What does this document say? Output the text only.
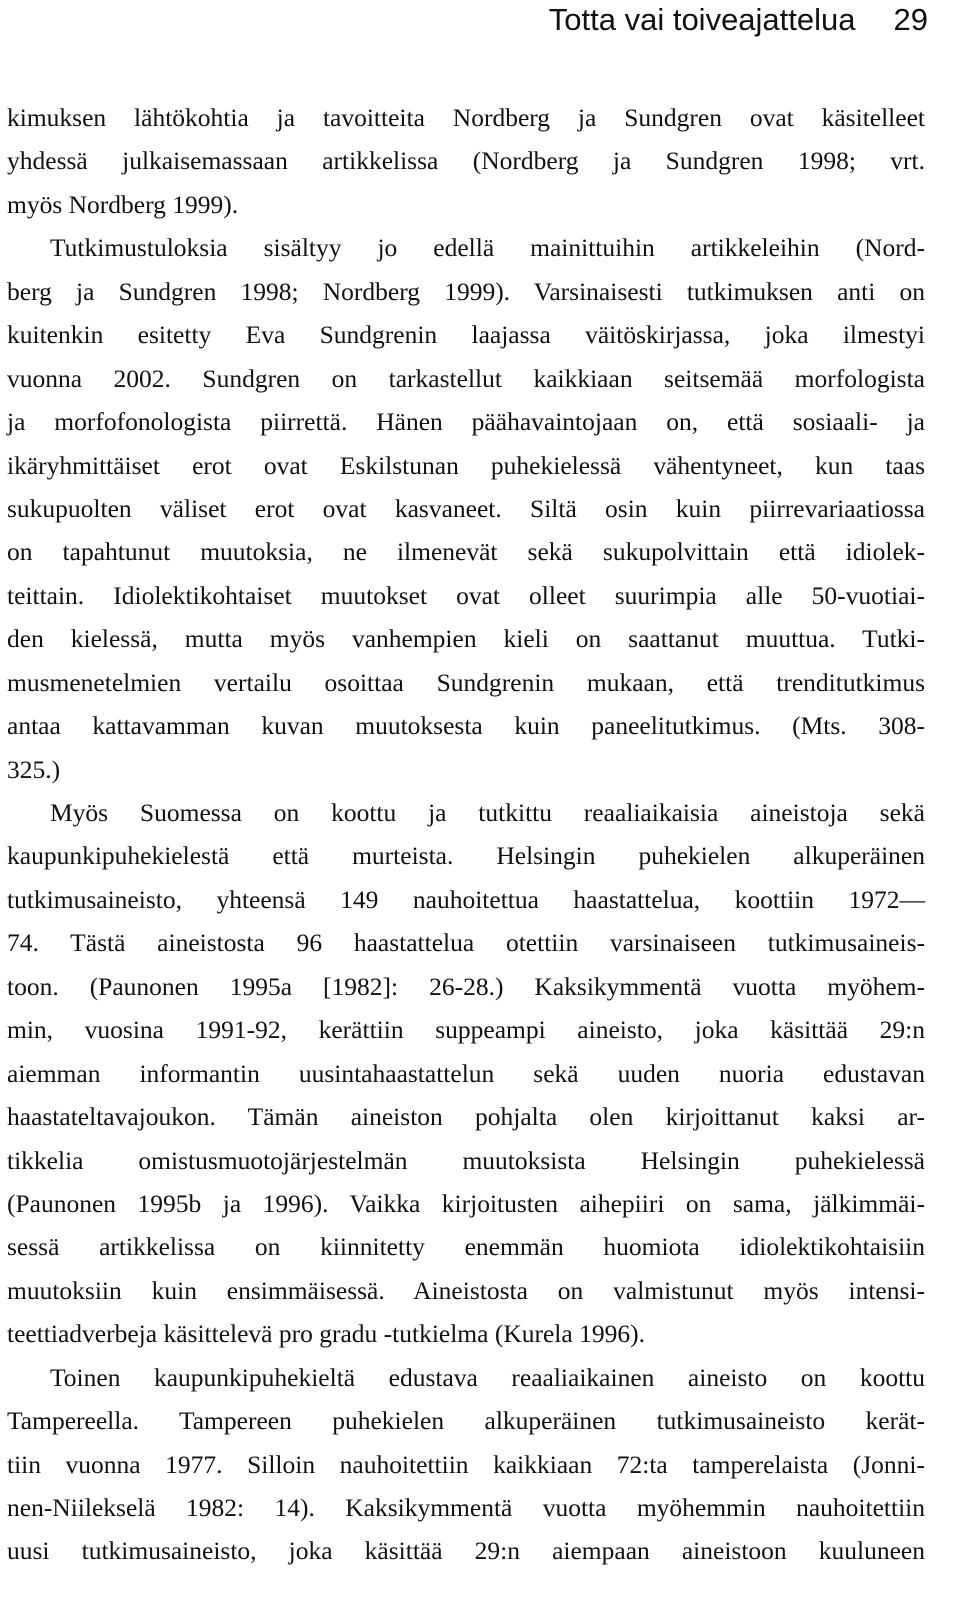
Totta vai toiveajattelua 29
kimuksen lähtökohtia ja tavoitteita Nordberg ja Sundgren ovat käsitelleet
yhdessä julkaisemassaan artikkelissa (Nordberg ja Sundgren 1998; vrt.
myös Nordberg 1999).
Tutkimustuloksia sisältyy jo edellä mainittuihin artikkeleihin (Nord-
berg ja Sundgren 1998; Nordberg 1999). Varsinaisesti tutkimuksen anti on
kuitenkin esitetty Eva Sundgrenin laajassa väitöskirjassa, joka ilmestyi
vuonna 2002. Sundgren on tarkastellut kaikkiaan seitsemää morfologista
ja morfofonologista piirrettä. Hänen päähavaintojaan on, että sosiaali- ja
ikäryhmittäiset erot ovat Eskilstunan puhekielessä vähentyneet, kun taas
sukupuolten väliset erot ovat kasvaneet. Siltä osin kuin piirrevariaatiossa
on tapahtunut muutoksia, ne ilmenevät sekä sukupolvittain että idiolek-
teittain. Idiolektikohtaiset muutokset ovat olleet suurimpia alle 50-vuotiai-
den kielessä, mutta myös vanhempien kieli on saattanut muuttua. Tutki-
musmenetelmien vertailu osoittaa Sundgrenin mukaan, että trenditutkimus
antaa kattavamman kuvan muutoksesta kuin paneelitutkimus. (Mts. 308-
325.)
Myös Suomessa on koottu ja tutkittu reaaliaikaisia aineistoja sekä
kaupunkipuhekielestä että murteista. Helsingin puhekielen alkuperäinen
tutkimusaineisto, yhteensä 149 nauhoitettua haastattelua, koottiin 1972—
74. Tästä aineistosta 96 haastattelua otettiin varsinaiseen tutkimusaineis-
toon. (Paunonen 1995a [1982]: 26-28.) Kaksikymmentä vuotta myöhem-
min, vuosina 1991-92, kerättiin suppeampi aineisto, joka käsittää 29:n
aiemman informantin uusintahaastattelun sekä uuden nuoria edustavan
haastateltavajoukon. Tämän aineiston pohjalta olen kirjoittanut kaksi ar-
tikkelia omistusmuotojärjestelmän muutoksista Helsingin puhekielessä
(Paunonen 1995b ja 1996). Vaikka kirjoitusten aihepiiri on sama, jälkimmäi-
sessä artikkelissa on kiinnitetty enemmän huomiota idiolektikohtaisiin
muutoksiin kuin ensimmäisessä. Aineistosta on valmistunut myös intensi-
teettiadverbeja käsittelevä pro gradu -tutkielma (Kurela 1996).
Toinen kaupunkipuhekieltä edustava reaaliaikainen aineisto on koottu
Tampereella. Tampereen puhekielen alkuperäinen tutkimusaineisto kerät-
tiin vuonna 1977. Silloin nauhoitettiin kaikkiaan 72:ta tamperelaista (Jonni-
nen-Niilekselä 1982: 14). Kaksikymmentä vuotta myöhemmin nauhoitettiin
uusi tutkimusaineisto, joka käsittää 29:n aiempaan aineistoon kuuluneen
